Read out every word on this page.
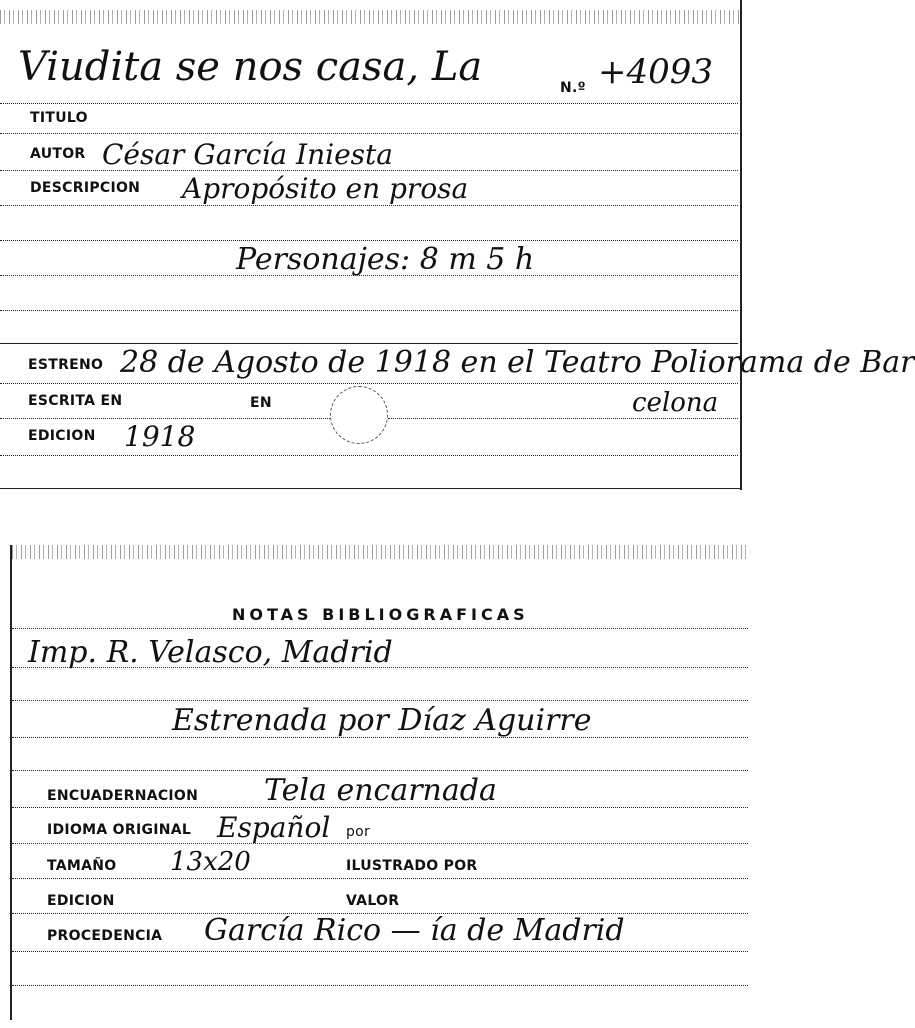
Viudita se nos casa, La	N.º +4093
TITULO
AUTOR César García Iniesta
DESCRIPCION Apropósito en prosa
Personajes: 8 m 5 h
ESTRENO 28 de Agosto de 1918 en el Teatro Poliorama de Bar
ESCRITA EN	EN	celona
EDICION 1918
NOTAS BIBLIOGRAFICAS
Imp. R. Velasco, Madrid
Estrenada por Díaz Aguirre
ENCUADERNACION Tela encarnada
IDIOMA ORIGINAL Español por
TAMAÑO 13x20	ILUSTRADO POR
EDICION	VALOR
PROCEDENCIA García Rico — ía de Madrid
